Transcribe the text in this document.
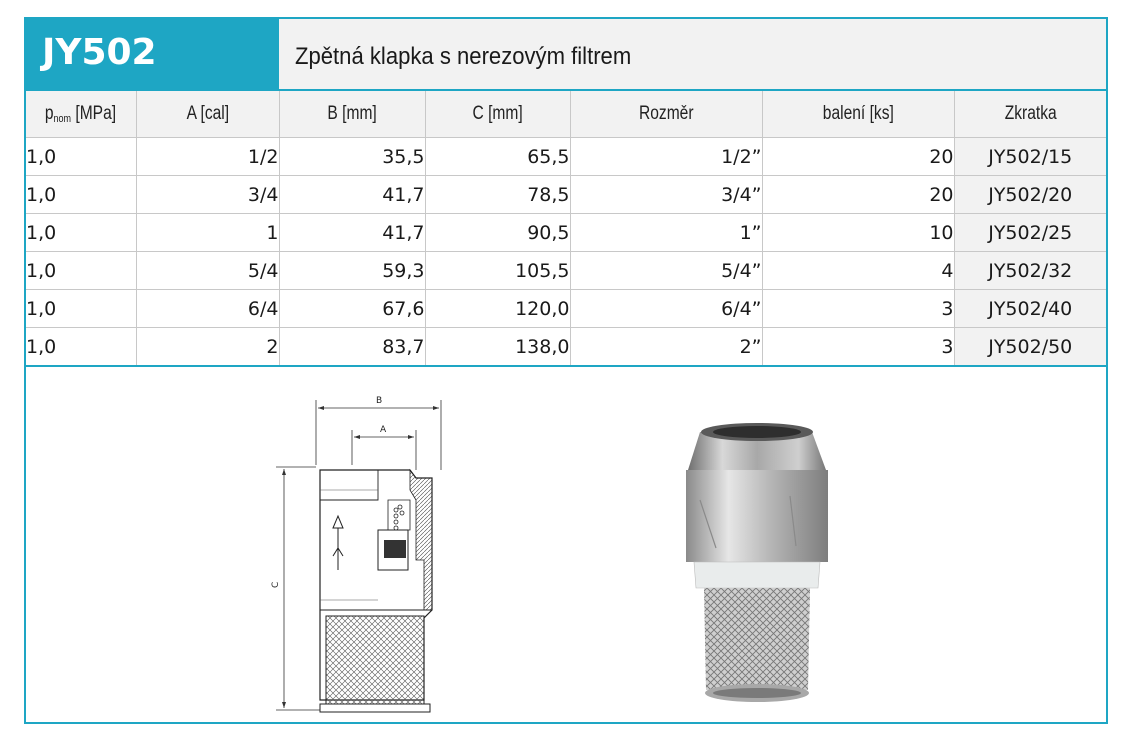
JY502	Zpětná klapka s nerezovým filtrem
$p_{nom}$ [MPa]	A [cal]	B [mm]	C [mm]	Rozměr	balení [ks]	Zkratka
1,0	1/2	35,5	65,5	1/2”	20	JY502/15
1,0	3/4	41,7	78,5	3/4”	20	JY502/20
1,0	1	41,7	90,5	1”	10	JY502/25
1,0	5/4	59,3	105,5	5/4”	4	JY502/32
1,0	6/4	67,6	120,0	6/4”	3	JY502/40
1,0	2	83,7	138,0	2”	3	JY502/50
B
A
C
